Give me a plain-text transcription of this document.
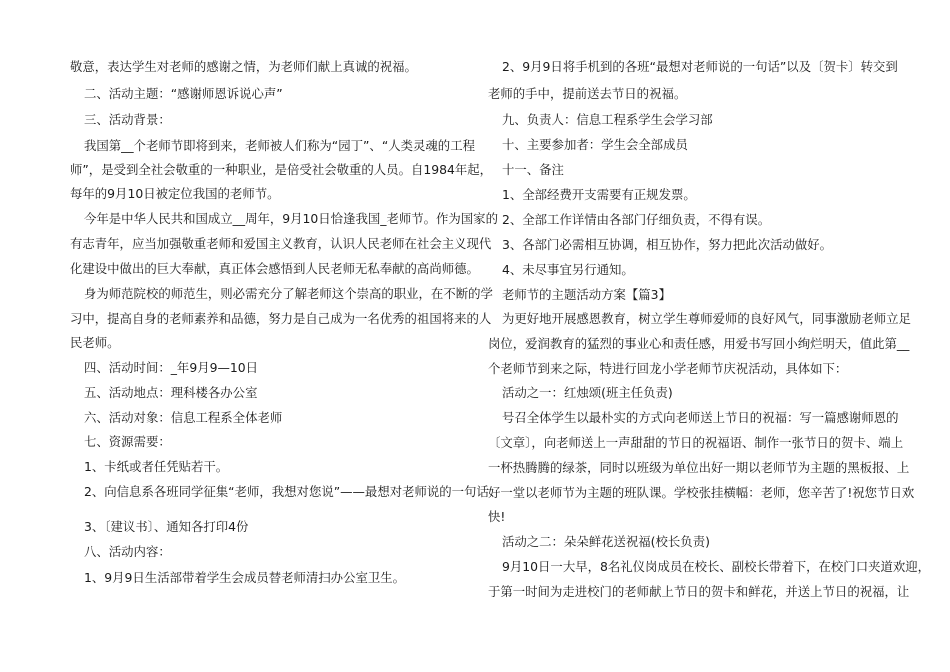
敬意，表达学生对老师的感谢之情，为老师们献上真诚的祝福。
二、活动主题：“感谢师恩诉说心声”
三、活动背景：
我国第__个老师节即将到来，老师被人们称为“园丁”、“人类灵魂的工程
师”，是受到全社会敬重的一种职业，是倍受社会敬重的人员。自1984年起，
每年的9月10日被定位我国的老师节。
今年是中华人民共和国成立__周年，9月10日恰逢我国_老师节。作为国家的
有志青年，应当加强敬重老师和爱国主义教育，认识人民老师在社会主义现代
化建设中做出的巨大奉献，真正体会感悟到人民老师无私奉献的高尚师德。
身为师范院校的师范生，则必需充分了解老师这个崇高的职业，在不断的学
习中，提高自身的老师素养和品德，努力是自己成为一名优秀的祖国将来的人
民老师。
四、活动时间：_年9月9—10日
五、活动地点：理科楼各办公室
六、活动对象：信息工程系全体老师
七、资源需要：
1、卡纸或者任凭贴若干。
2、向信息系各班同学征集“老师，我想对您说”——最想对老师说的一句话
3、〔建议书〕、通知各打印4份
八、活动内容：
1、9月9日生活部带着学生会成员替老师清扫办公室卫生。
2、9月9日将手机到的各班“最想对老师说的一句话”以及〔贺卡〕转交到
老师的手中，提前送去节日的祝福。
九、负责人：信息工程系学生会学习部
十、主要参加者：学生会全部成员
十一、备注
1、全部经费开支需要有正规发票。
2、全部工作详情由各部门仔细负责，不得有误。
3、各部门必需相互协调，相互协作，努力把此次活动做好。
4、未尽事宜另行通知。
老师节的主题活动方案【篇3】
为更好地开展感恩教育，树立学生尊师爱师的良好风气，同事激励老师立足
岗位，爱润教育的猛烈的事业心和责任感，用爱书写回小绚烂明天，值此第__
个老师节到来之际，特进行回龙小学老师节庆祝活动，具体如下：
活动之一：红烛颂(班主任负责)
号召全体学生以最朴实的方式向老师送上节日的祝福：写一篇感谢师恩的
〔文章〕，向老师送上一声甜甜的节日的祝福语、制作一张节日的贺卡、端上
一杯热腾腾的绿茶，同时以班级为单位出好一期以老师节为主题的黑板报、上
好一堂以老师节为主题的班队课。学校张挂横幅：老师，您辛苦了!祝您节日欢
快!
活动之二：朵朵鲜花送祝福(校长负责)
9月10日一大早，8名礼仪岗成员在校长、副校长带着下，在校门口夹道欢迎，
于第一时间为走进校门的老师献上节日的贺卡和鲜花，并送上节日的祝福，让
